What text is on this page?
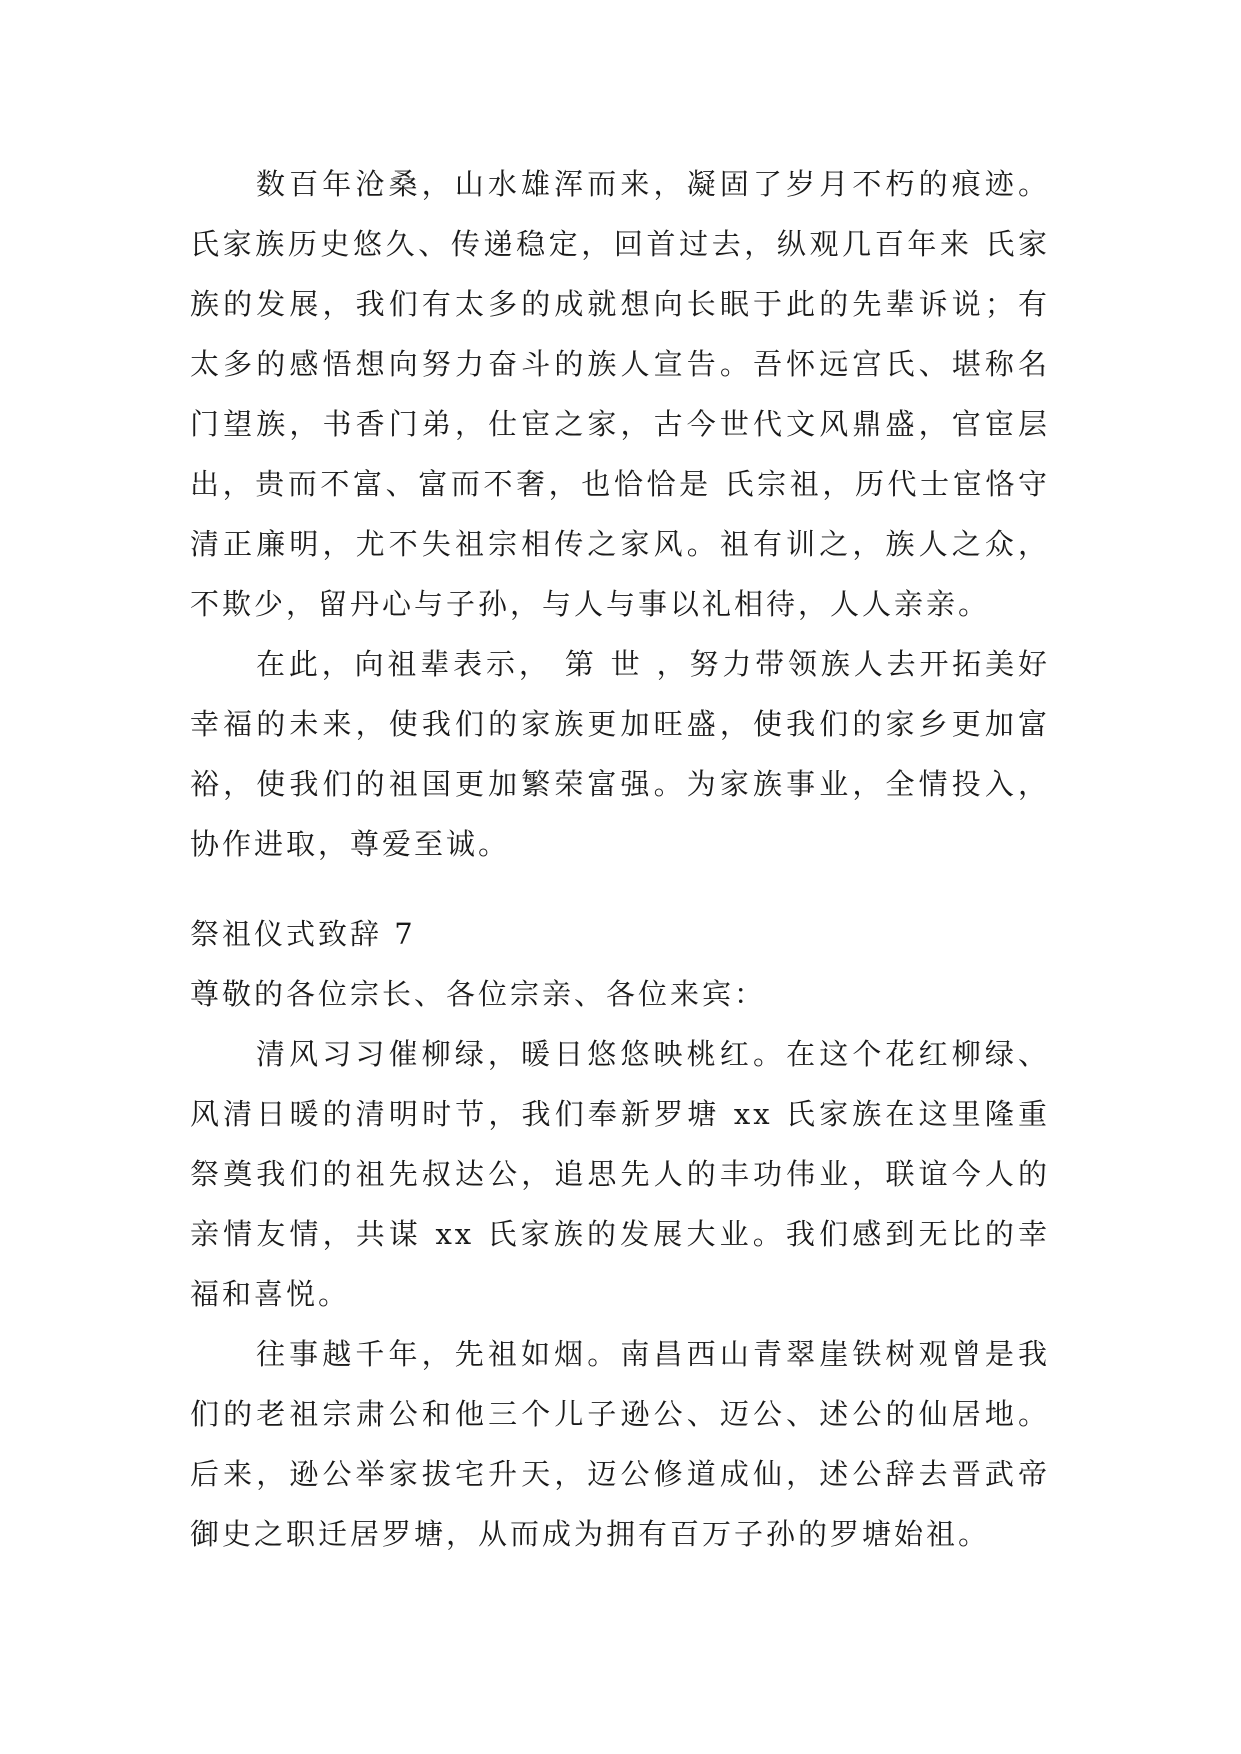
数百年沧桑，山水雄浑而来，凝固了岁月不朽的痕迹。 氏家族历史悠久、传递稳定，回首过去，纵观几百年来 氏家族的发展，我们有太多的成就想向长眠于此的先辈诉说；有太多的感悟想向努力奋斗的族人宣告。吾怀远宫氏、堪称名门望族，书香门弟，仕宦之家，古今世代文风鼎盛，官宦层出，贵而不富、富而不奢，也恰恰是 氏宗祖，历代士宦恪守清正廉明，尤不失祖宗相传之家风。祖有训之，族人之众，不欺少，留丹心与子孙，与人与事以礼相待，人人亲亲。

在此，向祖辈表示， 第 世 ，努力带领族人去开拓美好幸福的未来，使我们的家族更加旺盛，使我们的家乡更加富裕，使我们的祖国更加繁荣富强。为家族事业，全情投入，协作进取，尊爱至诚。

祭祖仪式致辞 7

尊敬的各位宗长、各位宗亲、各位来宾：

清风习习催柳绿，暖日悠悠映桃红。在这个花红柳绿、风清日暖的清明时节，我们奉新罗塘 xx 氏家族在这里隆重祭奠我们的祖先叔达公，追思先人的丰功伟业，联谊今人的亲情友情，共谋 xx 氏家族的发展大业。我们感到无比的幸福和喜悦。

往事越千年，先祖如烟。南昌西山青翠崖铁树观曾是我们的老祖宗肃公和他三个儿子逊公、迈公、述公的仙居地。后来，逊公举家拔宅升天，迈公修道成仙，述公辞去晋武帝御史之职迁居罗塘，从而成为拥有百万子孙的罗塘始祖。
